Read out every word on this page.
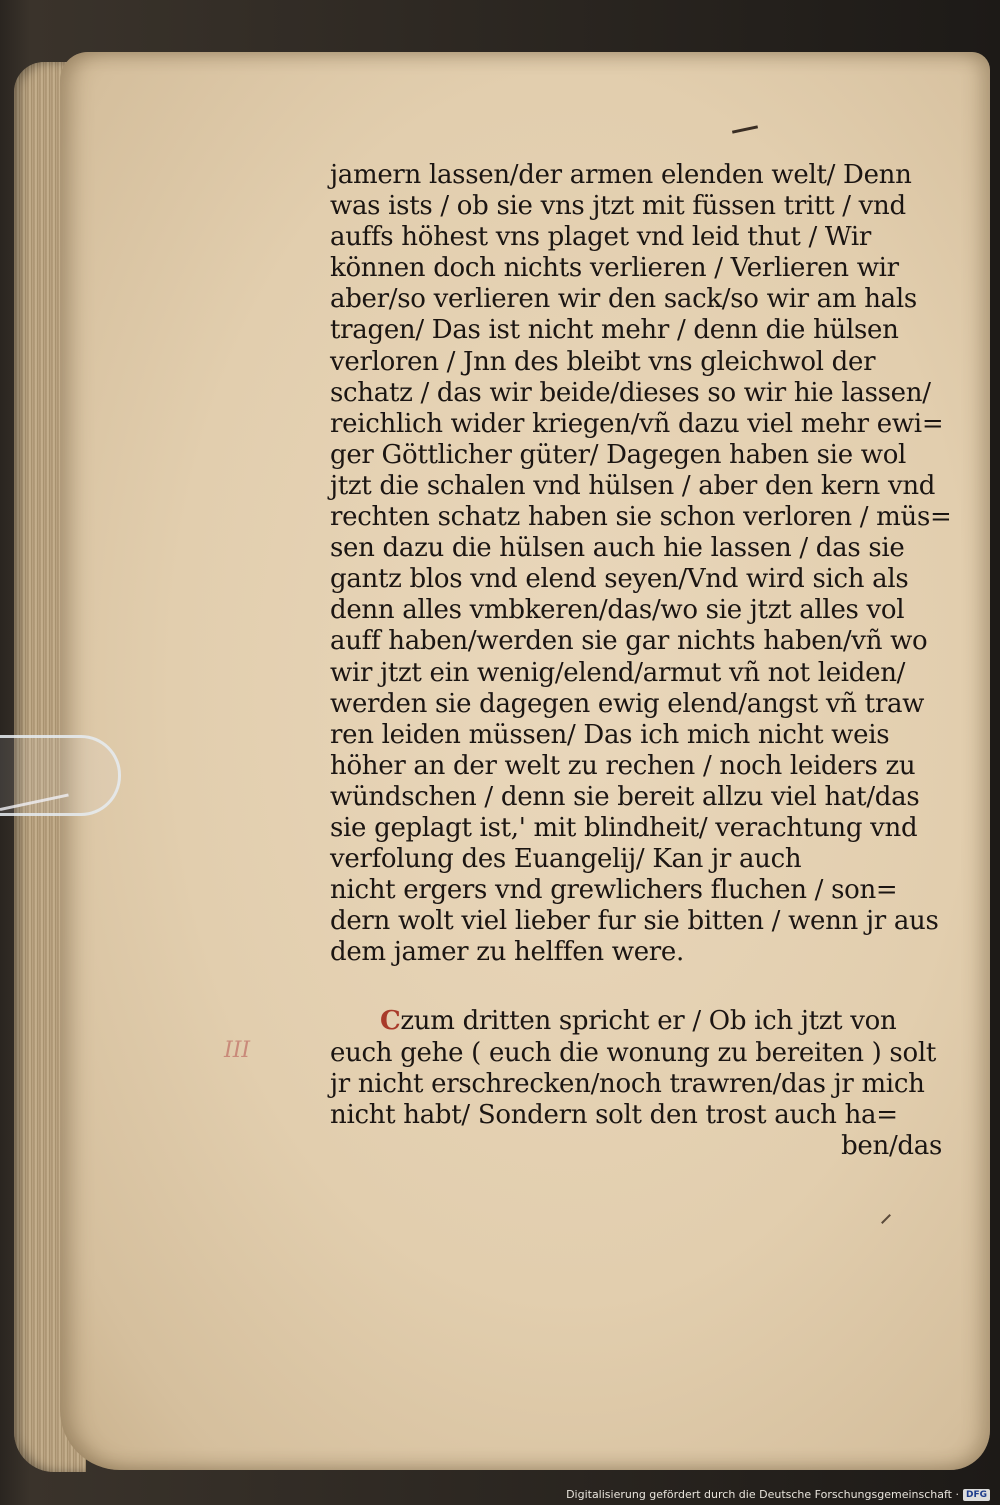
III
jamern lassen/der armen elenden welt/ Denn
was ists / ob sie vns jtzt mit füssen tritt / vnd
auffs höhest vns plaget vnd leid thut / Wir
können doch nichts verlieren / Verlieren wir
aber/so verlieren wir den sack/so wir am hals
tragen/ Das ist nicht mehr / denn die hülsen
verloren / Jnn des bleibt vns gleichwol der
schatz / das wir beide/dieses so wir hie lassen/
reichlich wider kriegen/vñ dazu viel mehr ewi=
ger Göttlicher güter/ Dagegen haben sie wol
jtzt die schalen vnd hülsen / aber den kern vnd
rechten schatz haben sie schon verloren / müs=
sen dazu die hülsen auch hie lassen / das sie
gantz blos vnd elend seyen/Vnd wird sich als
denn alles vmbkeren/das/wo sie jtzt alles vol
auff haben/werden sie gar nichts haben/vñ wo
wir jtzt ein wenig/elend/armut vñ not leiden/
werden sie dagegen ewig elend/angst vñ traw
ren leiden müssen/ Das ich mich nicht weis
höher an der welt zu rechen / noch leiders zu
wündschen / denn sie bereit allzu viel hat/das
sie geplagt ist,' mit blindheit/ verachtung vnd
verfolung des Euangelij/ Kan jr auch
nicht ergers vnd grewlichers fluchen / son=
dern wolt viel lieber fur sie bitten / wenn jr aus
dem jamer zu helffen were.
Czum dritten spricht er / Ob ich jtzt von
euch gehe ( euch die wonung zu bereiten ) solt
jr nicht erschrecken/noch trawren/das jr mich
nicht habt/ Sondern solt den trost auch ha=
ben/das
Digitalisierung gefördert durch die Deutsche Forschungsgemeinschaft · DFG
